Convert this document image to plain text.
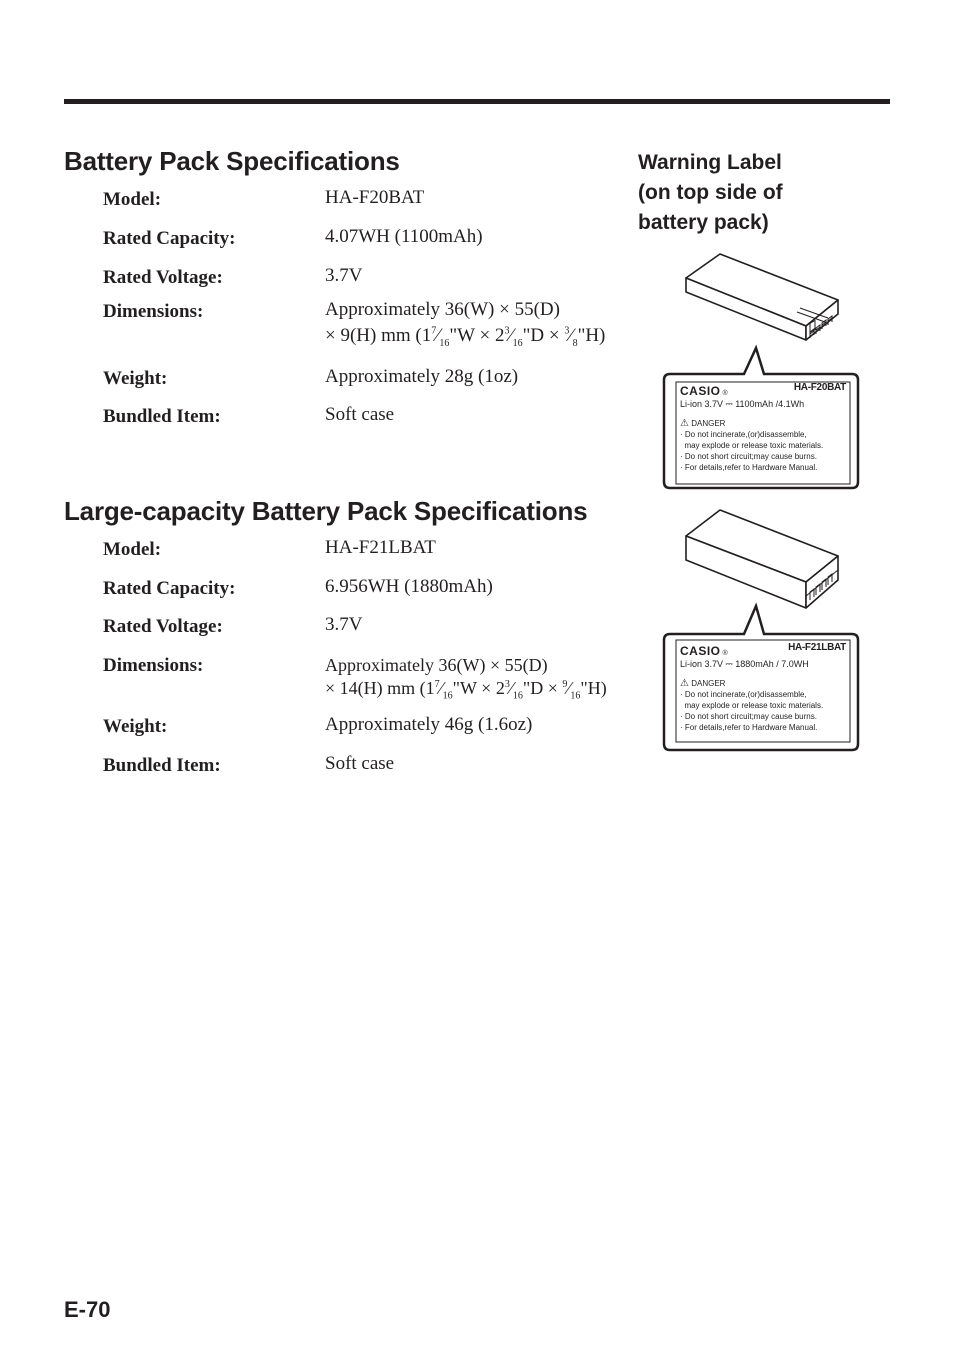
Battery Pack Specifications
Model:	HA-F20BAT
Rated Capacity:	4.07WH (1100mAh)
Rated Voltage:	3.7V
Dimensions:	Approximately 36(W) × 55(D)
× 9(H) mm ($1^7⁄_{16}"W$ × $2^3⁄_{16}"D$ × $^3⁄_8"H$)
Weight:	Approximately 28g (1oz)
Bundled Item:	Soft case
Large-capacity Battery Pack Specifications
Model:	HA-F21LBAT
Rated Capacity:	6.956WH (1880mAh)
Rated Voltage:	3.7V
Dimensions:	Approximately 36(W) × 55(D)
× 14(H) mm ($1^7⁄_{16}"W$ × $2^3⁄_{16}"D$ × $^9⁄_{16}"H$)
Weight:	Approximately 46g (1.6oz)
Bundled Item:	Soft case
Warning Label
(on top side of
battery pack)
CASIO ®
HA-F20BAT
Li-ion 3.7V ⎓ 1100mAh /4.1Wh
⚠ DANGER
· Do not incinerate,(or)disassemble,
may explode or release toxic materials.
· Do not short circuit;may cause burns.
· For details,refer to Hardware Manual.
CASIO ®
HA-F21LBAT
Li-ion 3.7V ⎓ 1880mAh / 7.0WH
⚠ DANGER
· Do not incinerate,(or)disassemble,
may explode or release toxic materials.
· Do not short circuit;may cause burns.
· For details,refer to Hardware Manual.
E-70
